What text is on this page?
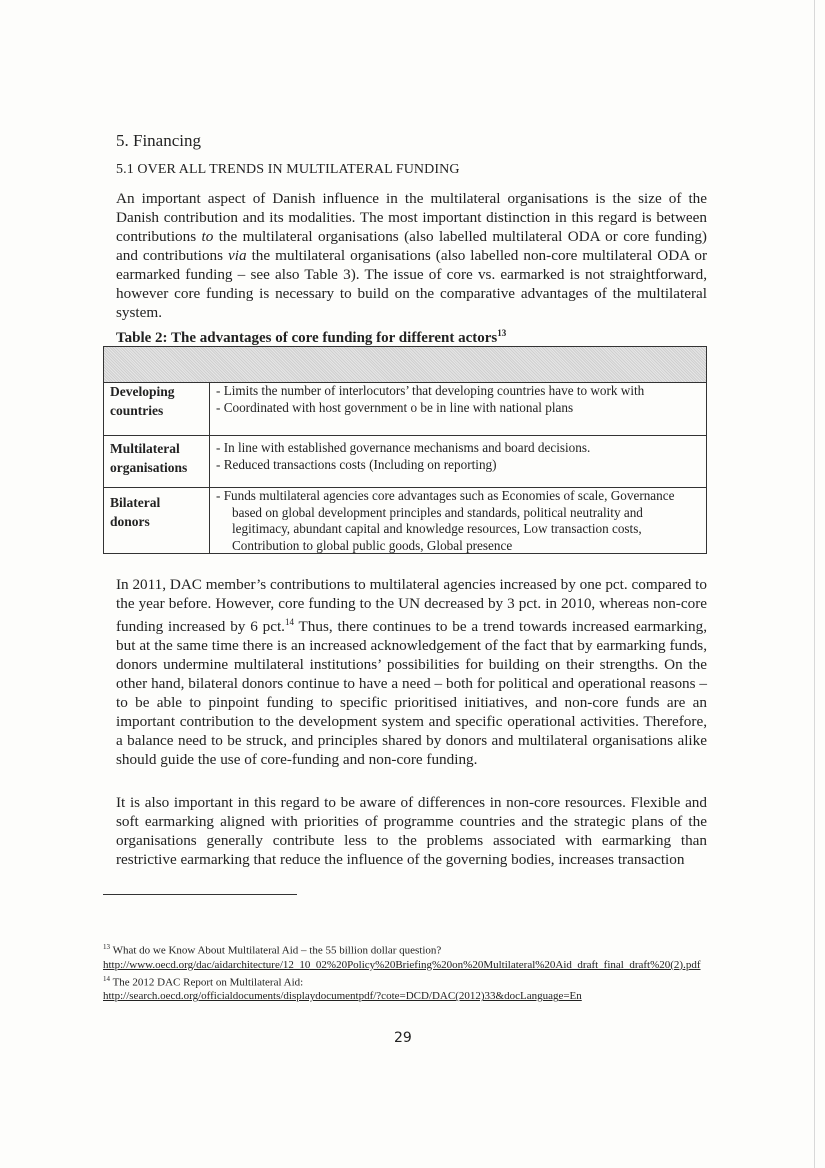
5. Financing
5.1 OVER ALL TRENDS IN MULTILATERAL FUNDING
An important aspect of Danish influence in the multilateral organisations is the size of the Danish contribution and its modalities. The most important distinction in this regard is between contributions to the multilateral organisations (also labelled multilateral ODA or core funding) and contributions via the multilateral organisations (also labelled non-core multilateral ODA or earmarked funding – see also Table 3). The issue of core vs. earmarked is not straightforward, however core funding is necessary to build on the comparative advantages of the multilateral system.
Table 2: The advantages of core funding for different actors$^{13}$
Developing countries
- Limits the number of interlocutors’ that developing countries have to work with
- Coordinated with host government o be in line with national plans
Multilateral organisations
- In line with established governance mechanisms and board decisions.
- Reduced transactions costs (Including on reporting)
Bilateral donors
- Funds multilateral agencies core advantages such as Economies of scale, Governance based on global development principles and standards, political neutrality and legitimacy, abundant capital and knowledge resources, Low transaction costs, Contribution to global public goods, Global presence
In 2011, DAC member’s contributions to multilateral agencies increased by one pct. compared to the year before. However, core funding to the UN decreased by 3 pct. in 2010, whereas non-core funding increased by 6 pct.$^{14}$ Thus, there continues to be a trend towards increased earmarking, but at the same time there is an increased acknowledgement of the fact that by earmarking funds, donors undermine multilateral institutions’ possibilities for building on their strengths. On the other hand, bilateral donors continue to have a need – both for political and operational reasons – to be able to pinpoint funding to specific prioritised initiatives, and non-core funds are an important contribution to the development system and specific operational activities. Therefore, a balance need to be struck, and principles shared by donors and multilateral organisations alike should guide the use of core-funding and non-core funding.
It is also important in this regard to be aware of differences in non-core resources. Flexible and soft earmarking aligned with priorities of programme countries and the strategic plans of the organisations generally contribute less to the problems associated with earmarking than restrictive earmarking that reduce the influence of the governing bodies, increases transaction
$^{13}$ What do we Know About Multilateral Aid – the 55 billion dollar question?
http://www.oecd.org/dac/aidarchitecture/12_10_02%20Policy%20Briefing%20on%20Multilateral%20Aid_draft_final_draft%20(2).pdf
$^{14}$ The 2012 DAC Report on Multilateral Aid:
http://search.oecd.org/officialdocuments/displaydocumentpdf/?cote=DCD/DAC(2012)33&docLanguage=En
29
